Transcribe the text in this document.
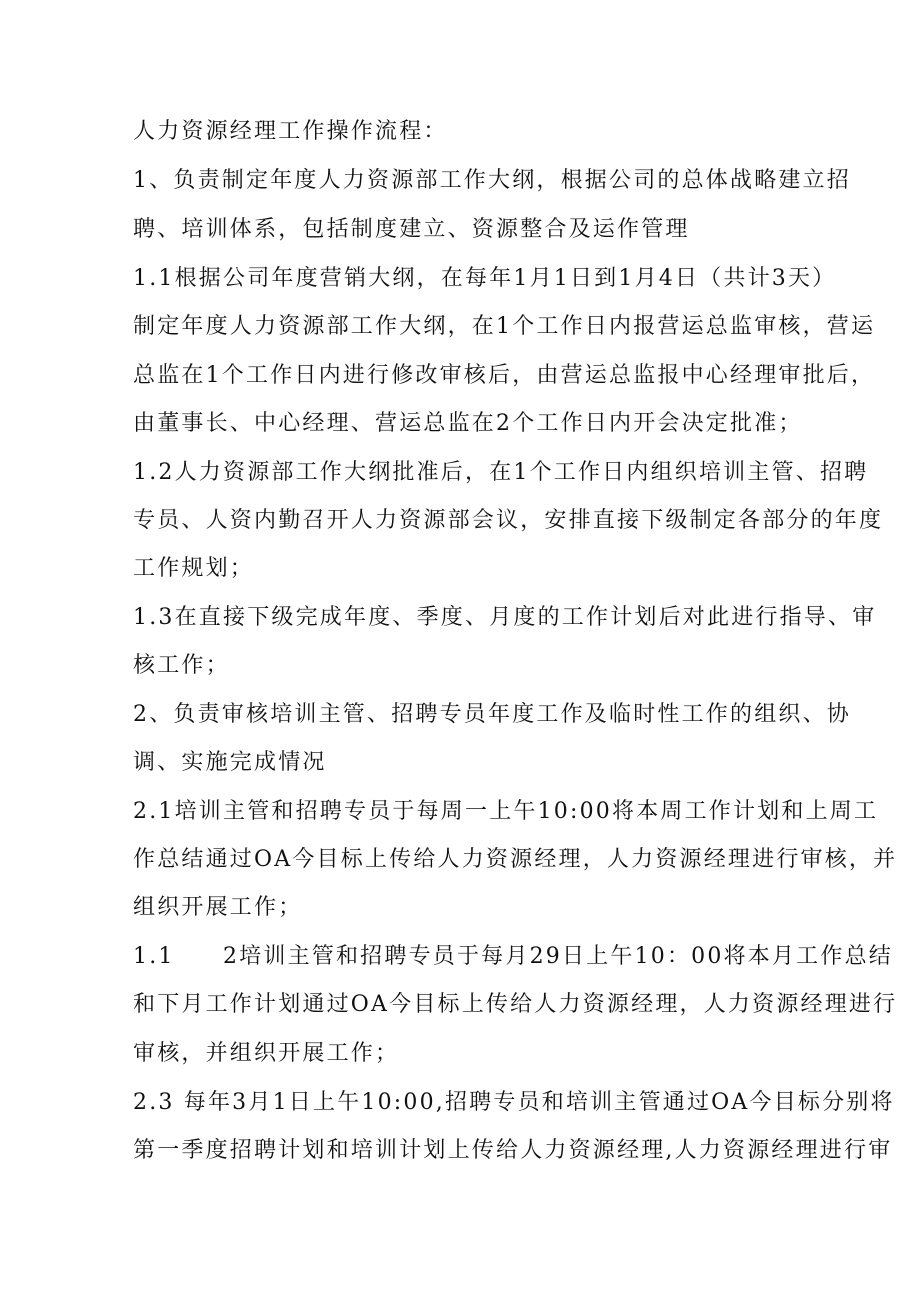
人力资源经理工作操作流程：
1、负责制定年度人力资源部工作大纲，根据公司的总体战略建立招
聘、培训体系，包括制度建立、资源整合及运作管理
1.1根据公司年度营销大纲，在每年1月1日到1月4日（共计3天）
制定年度人力资源部工作大纲，在1个工作日内报营运总监审核，营运
总监在1个工作日内进行修改审核后，由营运总监报中心经理审批后，
由董事长、中心经理、营运总监在2个工作日内开会决定批准；
1.2人力资源部工作大纲批准后，在1个工作日内组织培训主管、招聘
专员、人资内勤召开人力资源部会议，安排直接下级制定各部分的年度
工作规划；
1.3在直接下级完成年度、季度、月度的工作计划后对此进行指导、审
核工作；
2、负责审核培训主管、招聘专员年度工作及临时性工作的组织、协
调、实施完成情况
2.1培训主管和招聘专员于每周一上午10:00将本周工作计划和上周工
作总结通过OA今目标上传给人力资源经理，人力资源经理进行审核，并
组织开展工作；
1.1　　2培训主管和招聘专员于每月29日上午10：00将本月工作总结
和下月工作计划通过OA今目标上传给人力资源经理，人力资源经理进行
审核，并组织开展工作；
2.3 每年3月1日上午10:00,招聘专员和培训主管通过OA今目标分别将
第一季度招聘计划和培训计划上传给人力资源经理,人力资源经理进行审
